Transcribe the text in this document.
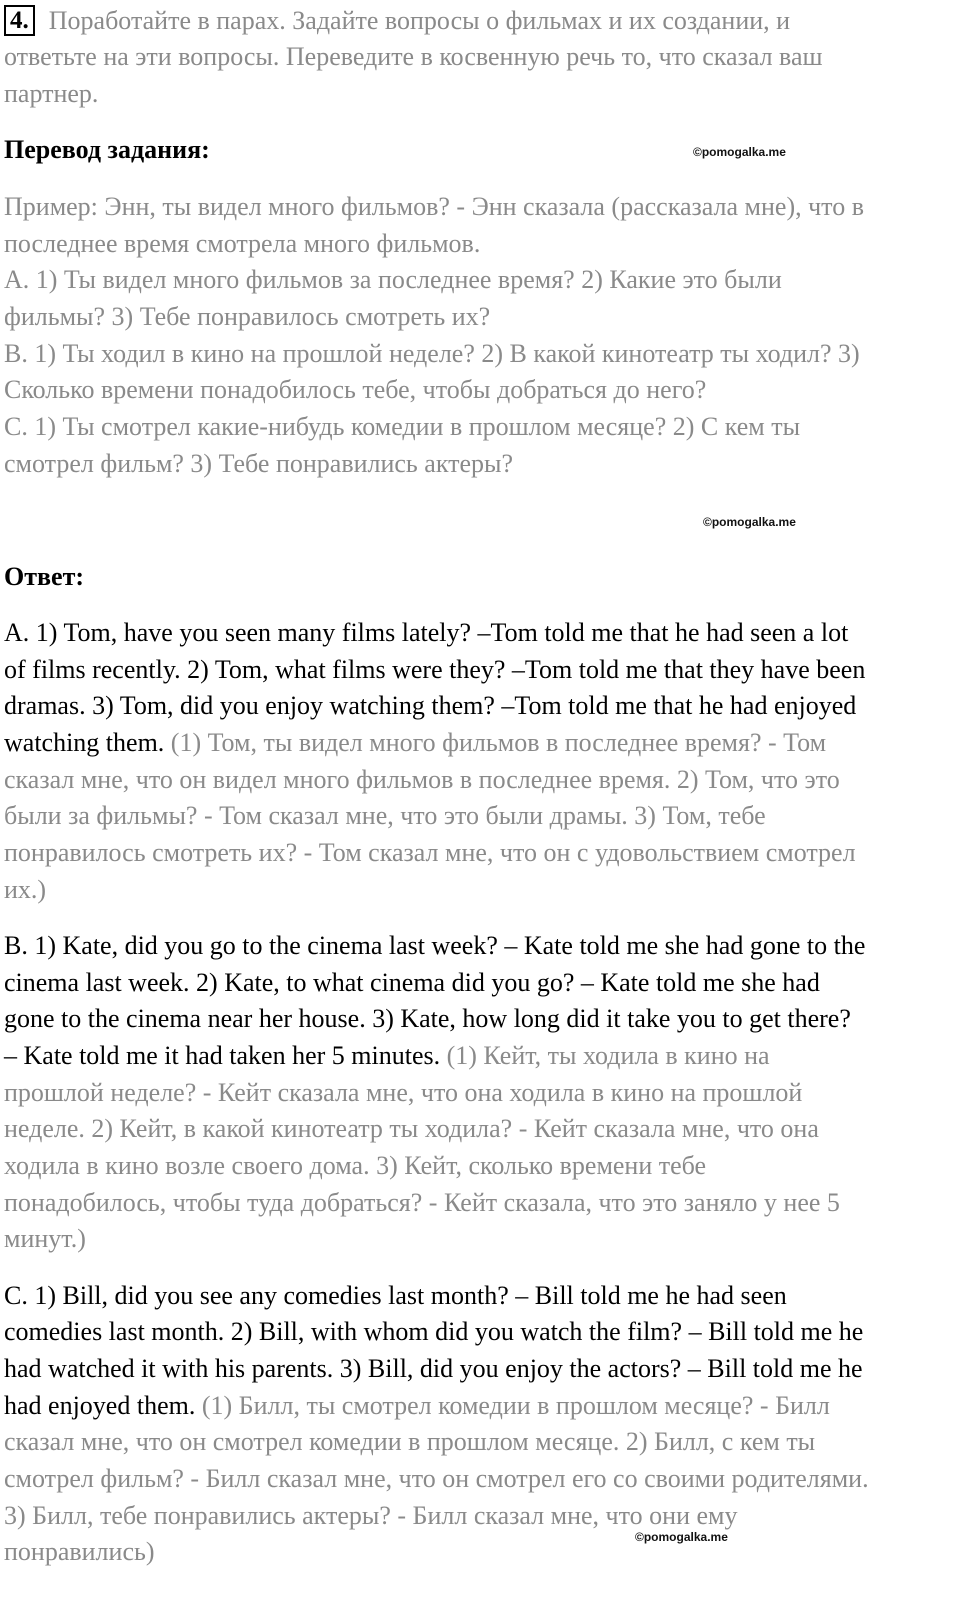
4. Поработайте в парах. Задайте вопросы о фильмах и их создании, и
ответьте на эти вопросы. Переведите в косвенную речь то, что сказал ваш
партнер.
Перевод задания:	©pomogalka.me
Пример: Энн, ты видел много фильмов? - Энн сказала (рассказала мне), что в
последнее время смотрела много фильмов.
А. 1) Ты видел много фильмов за последнее время? 2) Какие это были
фильмы? 3) Тебе понравилось смотреть их?
В. 1) Ты ходил в кино на прошлой неделе? 2) В какой кинотеатр ты ходил? 3)
Сколько времени понадобилось тебе, чтобы добраться до него?
С. 1) Ты смотрел какие-нибудь комедии в прошлом месяце? 2) С кем ты
смотрел фильм? 3) Тебе понравились актеры?
©pomogalka.me
Ответ:
A. 1) Tom, have you seen many films lately? –Tom told me that he had seen a lot
of films recently. 2) Tom, what films were they? –Tom told me that they have been
dramas. 3) Tom, did you enjoy watching them? –Tom told me that he had enjoyed
watching them. (1) Том, ты видел много фильмов в последнее время? - Том
сказал мне, что он видел много фильмов в последнее время. 2) Том, что это
были за фильмы? - Том сказал мне, что это были драмы. 3) Том, тебе
понравилось смотреть их? - Том сказал мне, что он с удовольствием смотрел
их.)
B. 1) Kate, did you go to the cinema last week? – Kate told me she had gone to the
cinema last week. 2) Kate, to what cinema did you go? – Kate told me she had
gone to the cinema near her house. 3) Kate, how long did it take you to get there?
– Kate told me it had taken her 5 minutes. (1) Кейт, ты ходила в кино на
прошлой неделе? - Кейт сказала мне, что она ходила в кино на прошлой
неделе. 2) Кейт, в какой кинотеатр ты ходила? - Кейт сказала мне, что она
ходила в кино возле своего дома. 3) Кейт, сколько времени тебе
понадобилось, чтобы туда добраться? - Кейт сказала, что это заняло у нее 5
минут.)
C. 1) Bill, did you see any comedies last month? – Bill told me he had seen
comedies last month. 2) Bill, with whom did you watch the film? – Bill told me he
had watched it with his parents. 3) Bill, did you enjoy the actors? – Bill told me he
had enjoyed them. (1) Билл, ты смотрел комедии в прошлом месяце? - Билл
сказал мне, что он смотрел комедии в прошлом месяце. 2) Билл, с кем ты
смотрел фильм? - Билл сказал мне, что он смотрел его со своими родителями.
3) Билл, тебе понравились актеры? - Билл сказал мне, что они ему
понравились)	©pomogalka.me
